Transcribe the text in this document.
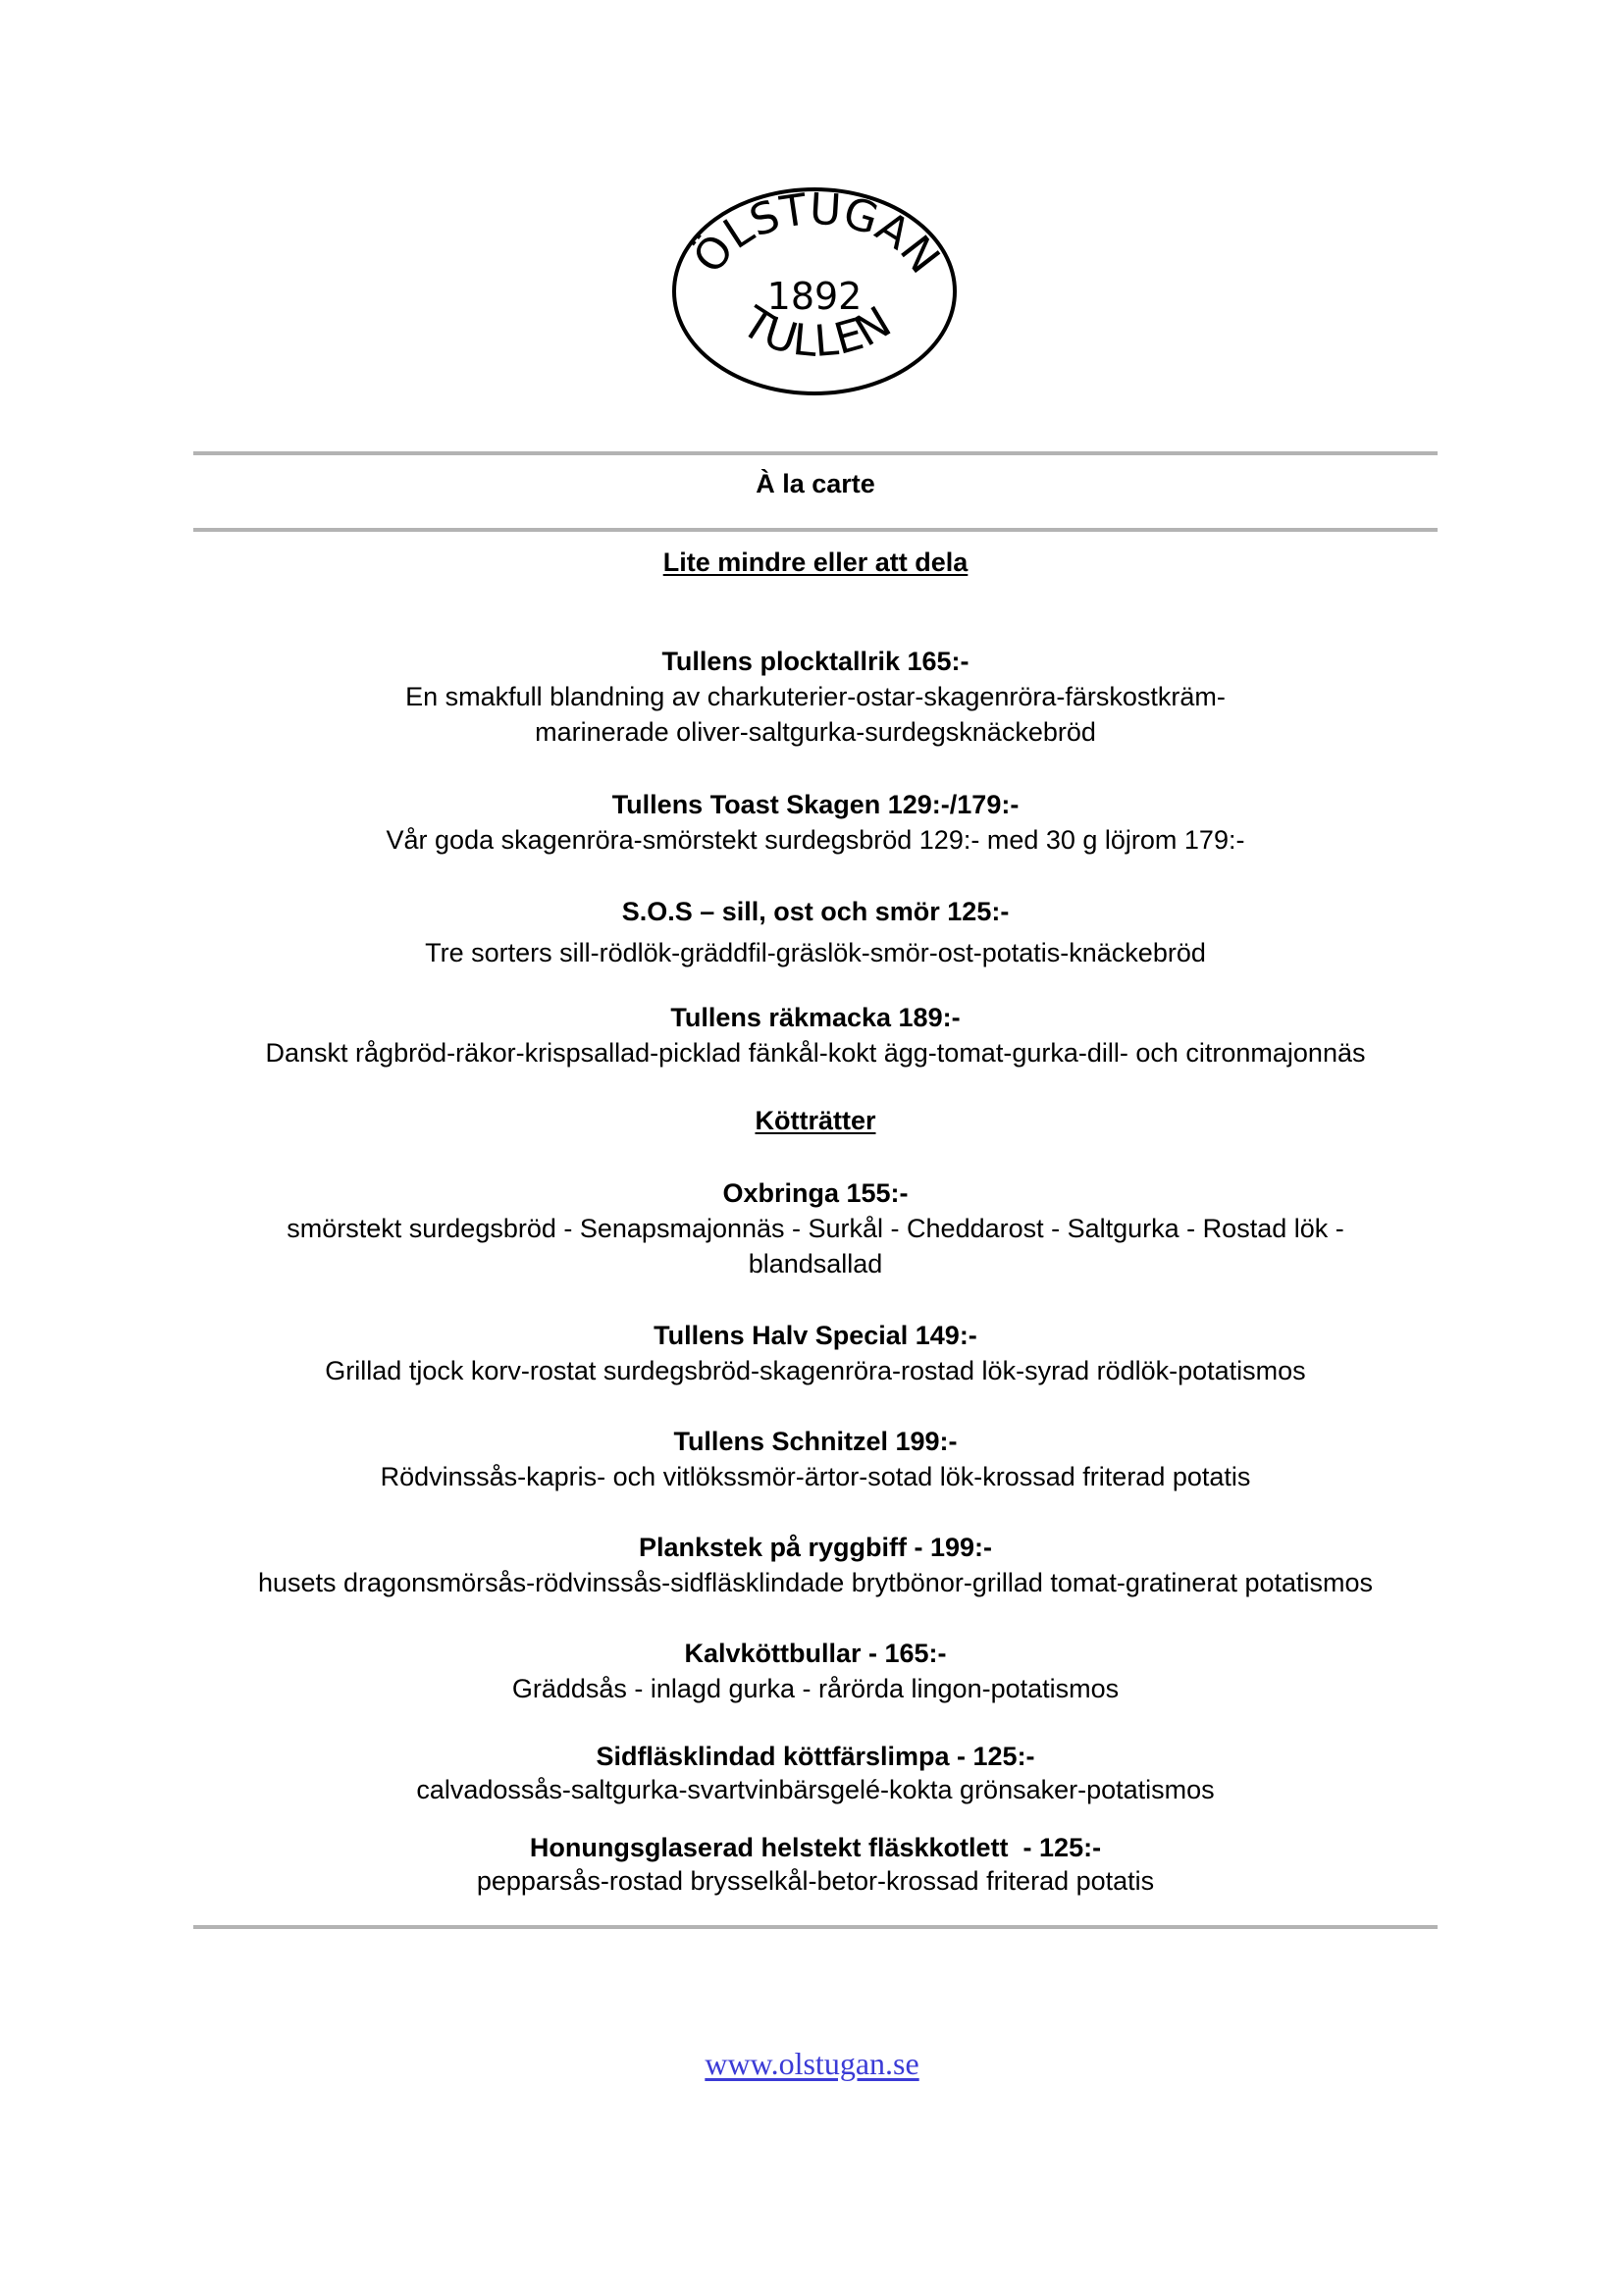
ÖLSTUGAN
1892
TULLEN
À la carte
Lite mindre eller att dela
Tullens plocktallrik 165:-
En smakfull blandning av charkuterier-ostar-skagenröra-färskostkräm-
marinerade oliver-saltgurka-surdegsknäckebröd
Tullens Toast Skagen 129:-/179:-
Vår goda skagenröra-smörstekt surdegsbröd 129:- med 30 g löjrom 179:-
S.O.S – sill, ost och smör 125:-
Tre sorters sill-rödlök-gräddfil-gräslök-smör-ost-potatis-knäckebröd
Tullens räkmacka 189:-
Danskt rågbröd-räkor-krispsallad-picklad fänkål-kokt ägg-tomat-gurka-dill- och citronmajonnäs
Kötträtter
Oxbringa 155:-
smörstekt surdegsbröd - Senapsmajonnäs - Surkål - Cheddarost - Saltgurka - Rostad lök -
blandsallad
Tullens Halv Special 149:-
Grillad tjock korv-rostat surdegsbröd-skagenröra-rostad lök-syrad rödlök-potatismos
Tullens Schnitzel 199:-
Rödvinssås-kapris- och vitlökssmör-ärtor-sotad lök-krossad friterad potatis
Plankstek på ryggbiff - 199:-
husets dragonsmörsås-rödvinssås-sidfläsklindade brytbönor-grillad tomat-gratinerat potatismos
Kalvköttbullar - 165:-
Gräddsås - inlagd gurka - rårörda lingon-potatismos
Sidfläsklindad köttfärslimpa - 125:-
calvadossås-saltgurka-svartvinbärsgelé-kokta grönsaker-potatismos
Honungsglaserad helstekt fläskkotlett  - 125:-
pepparsås-rostad brysselkål-betor-krossad friterad potatis
www.olstugan.se
